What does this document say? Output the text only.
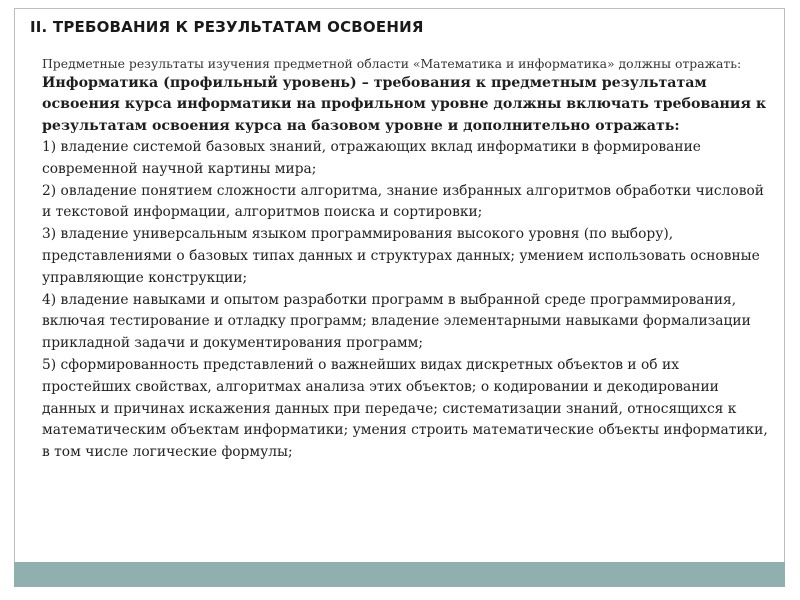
II. ТРЕБОВАНИЯ К РЕЗУЛЬТАТАМ ОСВОЕНИЯ

Предметные результаты изучения предметной области «Математика и информатика» должны отражать:

Информатика (профильный уровень) – требования к предметным результатам освоения курса информатики на профильном уровне должны включать требования к результатам освоения курса на базовом уровне и дополнительно отражать:

1) владение системой базовых знаний, отражающих вклад информатики в формирование современной научной картины мира;

2) овладение понятием сложности алгоритма, знание избранных алгоритмов обработки числовой и текстовой информации, алгоритмов поиска и сортировки;

3) владение универсальным языком программирования высокого уровня (по выбору), представлениями о базовых типах данных и структурах данных; умением использовать основные управляющие конструкции;

4) владение навыками и опытом разработки программ в выбранной среде программирования, включая тестирование и отладку программ; владение элементарными навыками формализации прикладной задачи и документирования программ;

5) сформированность представлений о важнейших видах дискретных объектов и об их простейших свойствах, алгоритмах анализа этих объектов; о кодировании и декодировании данных и причинах искажения данных при передаче; систематизации знаний, относящихся к математическим объектам информатики; умения строить математические объекты информатики, в том числе логические формулы;
